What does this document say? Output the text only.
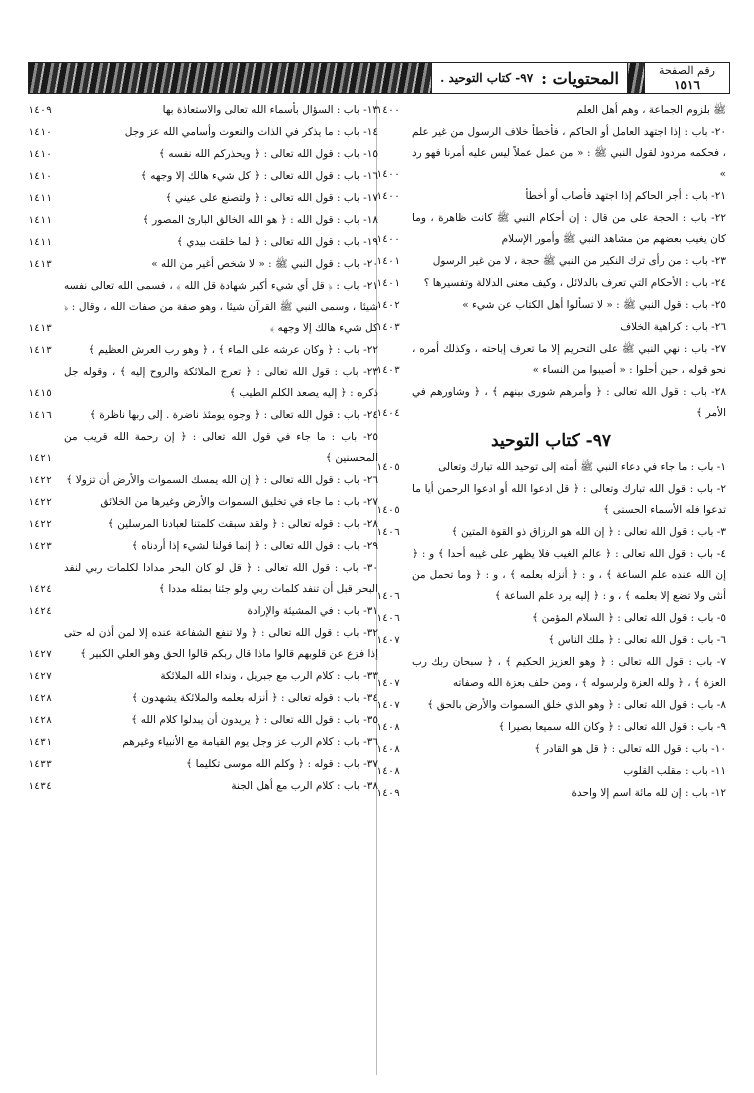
رقم الصفحة
١٥١٦
المحتويات :
٩٧- كتاب التوحيد .
ﷺ بلزوم الجماعة ، وهم أهل العلم
١٤٠٠
٢٠- باب : إذا اجتهد العامل أو الحاكم ، فأخطأ خلاف الرسول من غير علم ، فحكمه مردود لقول النبي ﷺ : « من عمل عملاً ليس عليه أمرنا فهو رد »
١٤٠٠
٢١- باب : أجر الحاكم إذا اجتهد فأصاب أو أخطأ
١٤٠٠
٢٢- باب : الحجة على من قال : إن أحكام النبي ﷺ كانت ظاهرة ، وما كان يغيب بعضهم من مشاهد النبي ﷺ وأمور الإسلام
١٤٠٠
٢٣- باب : من رأى ترك النكير من النبي ﷺ حجة ، لا من غير الرسول
١٤٠١
٢٤- باب : الأحكام التي تعرف بالدلائل ، وكيف معنى الدلالة وتفسيرها ؟
١٤٠١
٢٥- باب : قول النبي ﷺ : « لا تسألوا أهل الكتاب عن شيء »
١٤٠٢
٢٦- باب : كراهية الخلاف
١٤٠٣
٢٧- باب : نهي النبي ﷺ على التحريم إلا ما تعرف إباحته ، وكذلك أمره ، نحو قوله ، حين أحلوا : « أصيبوا من النساء »
١٤٠٣
٢٨- باب : قول الله تعالى : ﴿ وأمرهم شورى بينهم ﴾ ، ﴿ وشاورهم في الأمر ﴾
١٤٠٤
٩٧- كتاب التوحيد
١- باب : ما جاء في دعاء النبي ﷺ أمته إلى توحيد الله تبارك وتعالى
١٤٠٥
٢- باب : قول الله تبارك وتعالى : ﴿ قل ادعوا الله أو ادعوا الرحمن أيا ما تدعوا فله الأسماء الحسنى ﴾
١٤٠٥
٣- باب : قول الله تعالى : ﴿ إن الله هو الرزاق ذو القوة المتين ﴾
١٤٠٦
٤- باب : قول الله تعالى : ﴿ عالم الغيب فلا يظهر على غيبه أحدا ﴾ و : ﴿ إن الله عنده علم الساعة ﴾ ، و : ﴿ أنزله بعلمه ﴾ ، و : ﴿ وما تحمل من أنثى ولا تضع إلا بعلمه ﴾ ، و : ﴿ إليه يرد علم الساعة ﴾
١٤٠٦
٥- باب : قول الله تعالى : ﴿ السلام المؤمن ﴾
١٤٠٦
٦- باب : قول الله تعالى : ﴿ ملك الناس ﴾
١٤٠٧
٧- باب : قول الله تعالى : ﴿ وهو العزيز الحكيم ﴾ ، ﴿ سبحان ربك رب العزة ﴾ ، ﴿ ولله العزة ولرسوله ﴾ ، ومن حلف بعزة الله وصفاته
١٤٠٧
٨- باب : قول الله تعالى : ﴿ وهو الذي خلق السموات والأرض بالحق ﴾
١٤٠٧
٩- باب : قول الله تعالى : ﴿ وكان الله سميعا بصيرا ﴾
١٤٠٨
١٠- باب : قول الله تعالى : ﴿ قل هو القادر ﴾
١٤٠٨
١١- باب : مقلب القلوب
١٤٠٨
١٢- باب : إن لله مائة اسم إلا واحدة
١٤٠٩
١٣- باب : السؤال بأسماء الله تعالى والاستعاذة بها
١٤٠٩
١٤- باب : ما يذكر في الذات والنعوت وأسامي الله عز وجل
١٤١٠
١٥- باب : قول الله تعالى : ﴿ ويحذركم الله نفسه ﴾
١٤١٠
١٦- باب : قول الله تعالى : ﴿ كل شيء هالك إلا وجهه ﴾
١٤١٠
١٧- باب : قول الله تعالى : ﴿ ولتصنع على عيني ﴾
١٤١١
١٨- باب : قول الله : ﴿ هو الله الخالق البارئ المصور ﴾
١٤١١
١٩- باب : قول الله تعالى : ﴿ لما خلقت بيدي ﴾
١٤١١
٢٠- باب : قول النبي ﷺ : « لا شخص أغير من الله »
١٤١٣
٢١- باب : ﴿ قل أي شيء أكبر شهادة قل الله ﴾ ، فسمى الله تعالى نفسه شيئا ، وسمى النبي ﷺ القرآن شيئا ، وهو صفة من صفات الله ، وقال : ﴿ كل شيء هالك إلا وجهه ﴾
١٤١٣
٢٢- باب : ﴿ وكان عرشه على الماء ﴾ ، ﴿ وهو رب العرش العظيم ﴾
١٤١٣
٢٣- باب : قول الله تعالى : ﴿ تعرج الملائكة والروح إليه ﴾ ، وقوله جل ذكره : ﴿ إليه يصعد الكلم الطيب ﴾
١٤١٥
٢٤- باب : قول الله تعالى : ﴿ وجوه يومئذ ناضرة . إلى ربها ناظرة ﴾
١٤١٦
٢٥- باب : ما جاء في قول الله تعالى : ﴿ إن رحمة الله قريب من المحسنين ﴾
١٤٢١
٢٦- باب : قول الله تعالى : ﴿ إن الله يمسك السموات والأرض أن تزولا ﴾
١٤٢٢
٢٧- باب : ما جاء في تخليق السموات والأرض وغيرها من الخلائق
١٤٢٢
٢٨- باب : قوله تعالى : ﴿ ولقد سبقت كلمتنا لعبادنا المرسلين ﴾
١٤٢٢
٢٩- باب : قول الله تعالى : ﴿ إنما قولنا لشيء إذا أردناه ﴾
١٤٢٣
٣٠- باب : قول الله تعالى : ﴿ قل لو كان البحر مدادا لكلمات ربي لنفد البحر قبل أن تنفد كلمات ربي ولو جئنا بمثله مددا ﴾
١٤٢٤
٣١- باب : في المشيئة والإرادة
١٤٢٤
٣٢- باب : قول الله تعالى : ﴿ ولا تنفع الشفاعة عنده إلا لمن أذن له حتى إذا فزع عن قلوبهم قالوا ماذا قال ربكم قالوا الحق وهو العلي الكبير ﴾
١٤٢٧
٣٣- باب : كلام الرب مع جبريل ، ونداء الله الملائكة
١٤٢٧
٣٤- باب : قوله تعالى : ﴿ أنزله بعلمه والملائكة يشهدون ﴾
١٤٢٨
٣٥- باب : قول الله تعالى : ﴿ يريدون أن يبدلوا كلام الله ﴾
١٤٢٨
٣٦- باب : كلام الرب عز وجل يوم القيامة مع الأنبياء وغيرهم
١٤٣١
٣٧- باب : قوله : ﴿ وكلم الله موسى تكليما ﴾
١٤٣٣
٣٨- باب : كلام الرب مع أهل الجنة
١٤٣٤
